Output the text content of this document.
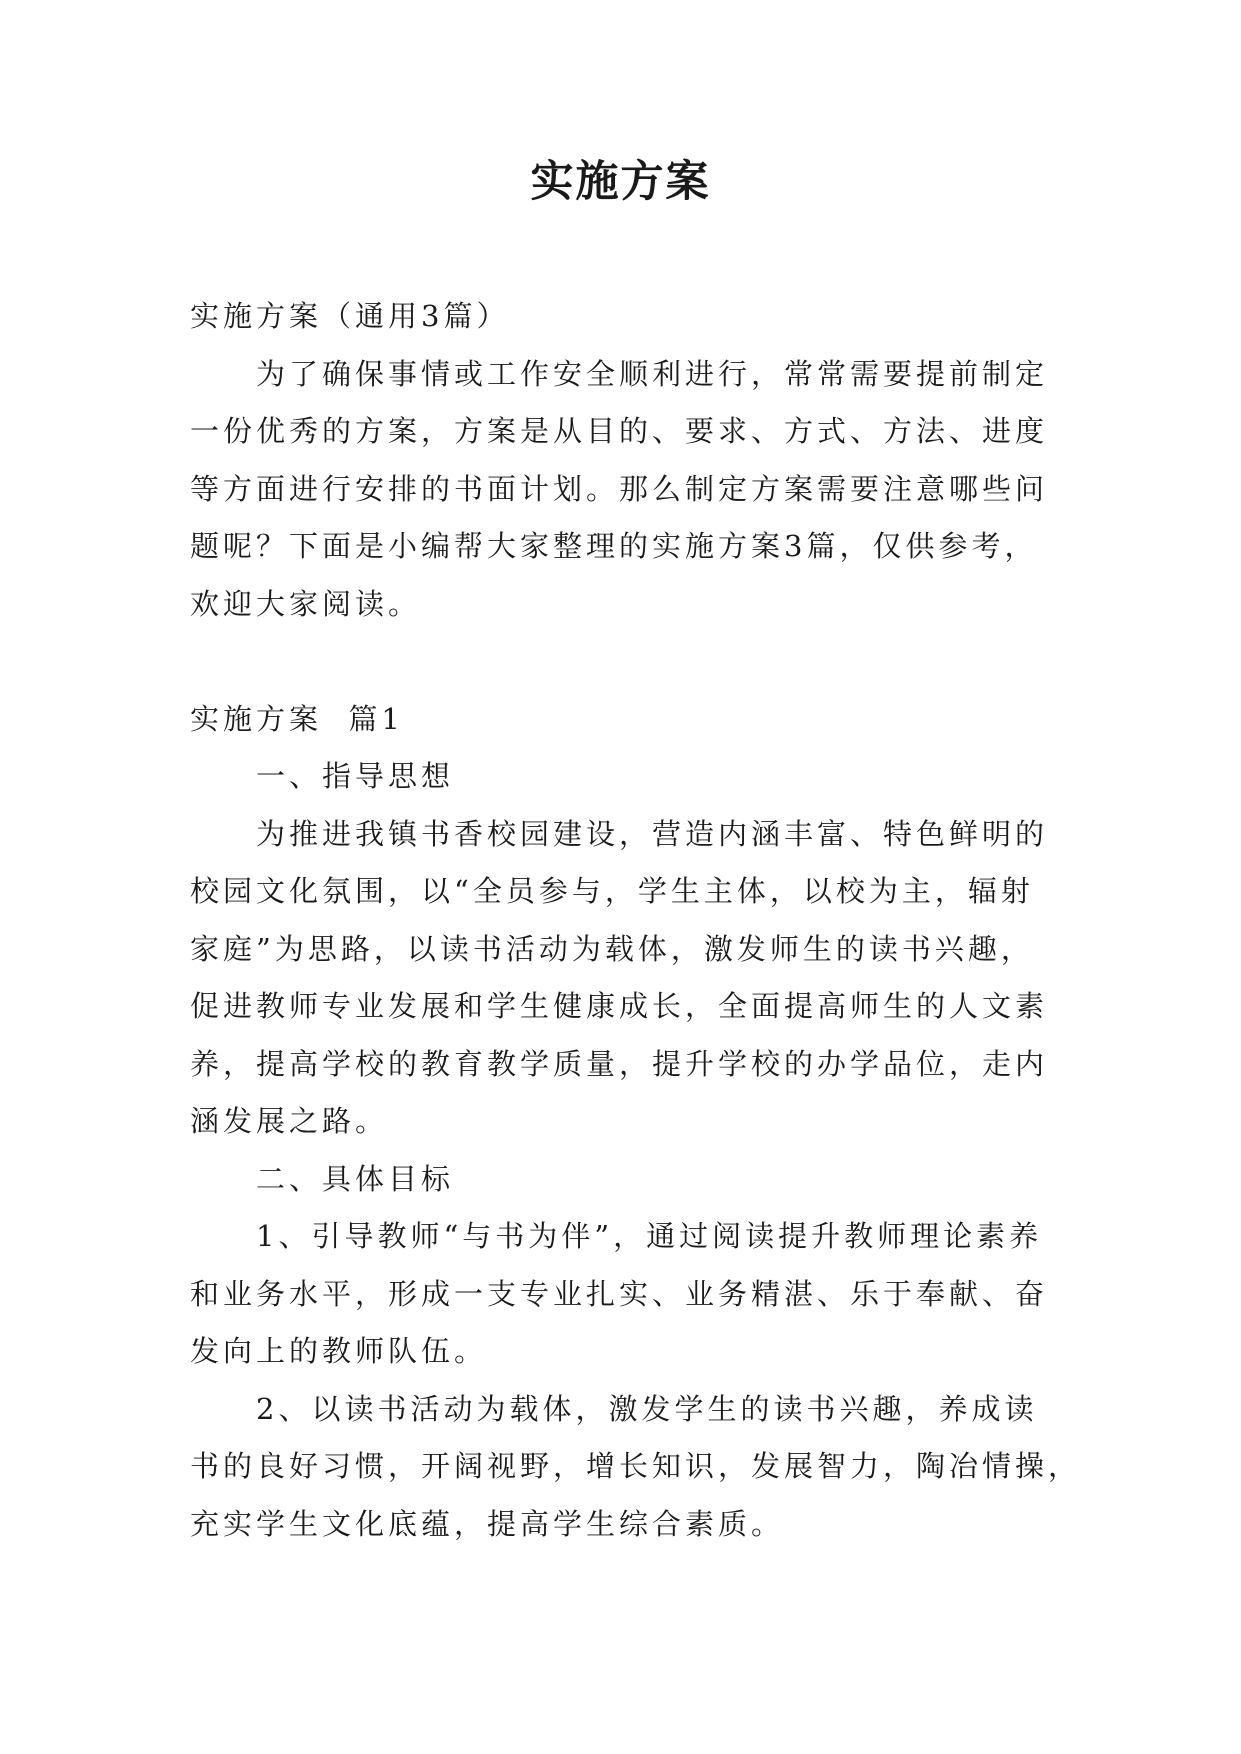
实施方案
实施方案（通用3篇）
为了确保事情或工作安全顺利进行，常常需要提前制定
一份优秀的方案，方案是从目的、要求、方式、方法、进度
等方面进行安排的书面计划。那么制定方案需要注意哪些问
题呢？下面是小编帮大家整理的实施方案3篇，仅供参考，
欢迎大家阅读。
实施方案  篇1
一、指导思想
为推进我镇书香校园建设，营造内涵丰富、特色鲜明的
校园文化氛围，以“全员参与，学生主体，以校为主，辐射
家庭”为思路，以读书活动为载体，激发师生的读书兴趣，
促进教师专业发展和学生健康成长，全面提高师生的人文素
养，提高学校的教育教学质量，提升学校的办学品位，走内
涵发展之路。
二、具体目标
1、引导教师“与书为伴”，通过阅读提升教师理论素养
和业务水平，形成一支专业扎实、业务精湛、乐于奉献、奋
发向上的教师队伍。
2、以读书活动为载体，激发学生的读书兴趣，养成读
书的良好习惯，开阔视野，增长知识，发展智力，陶冶情操，
充实学生文化底蕴，提高学生综合素质。
